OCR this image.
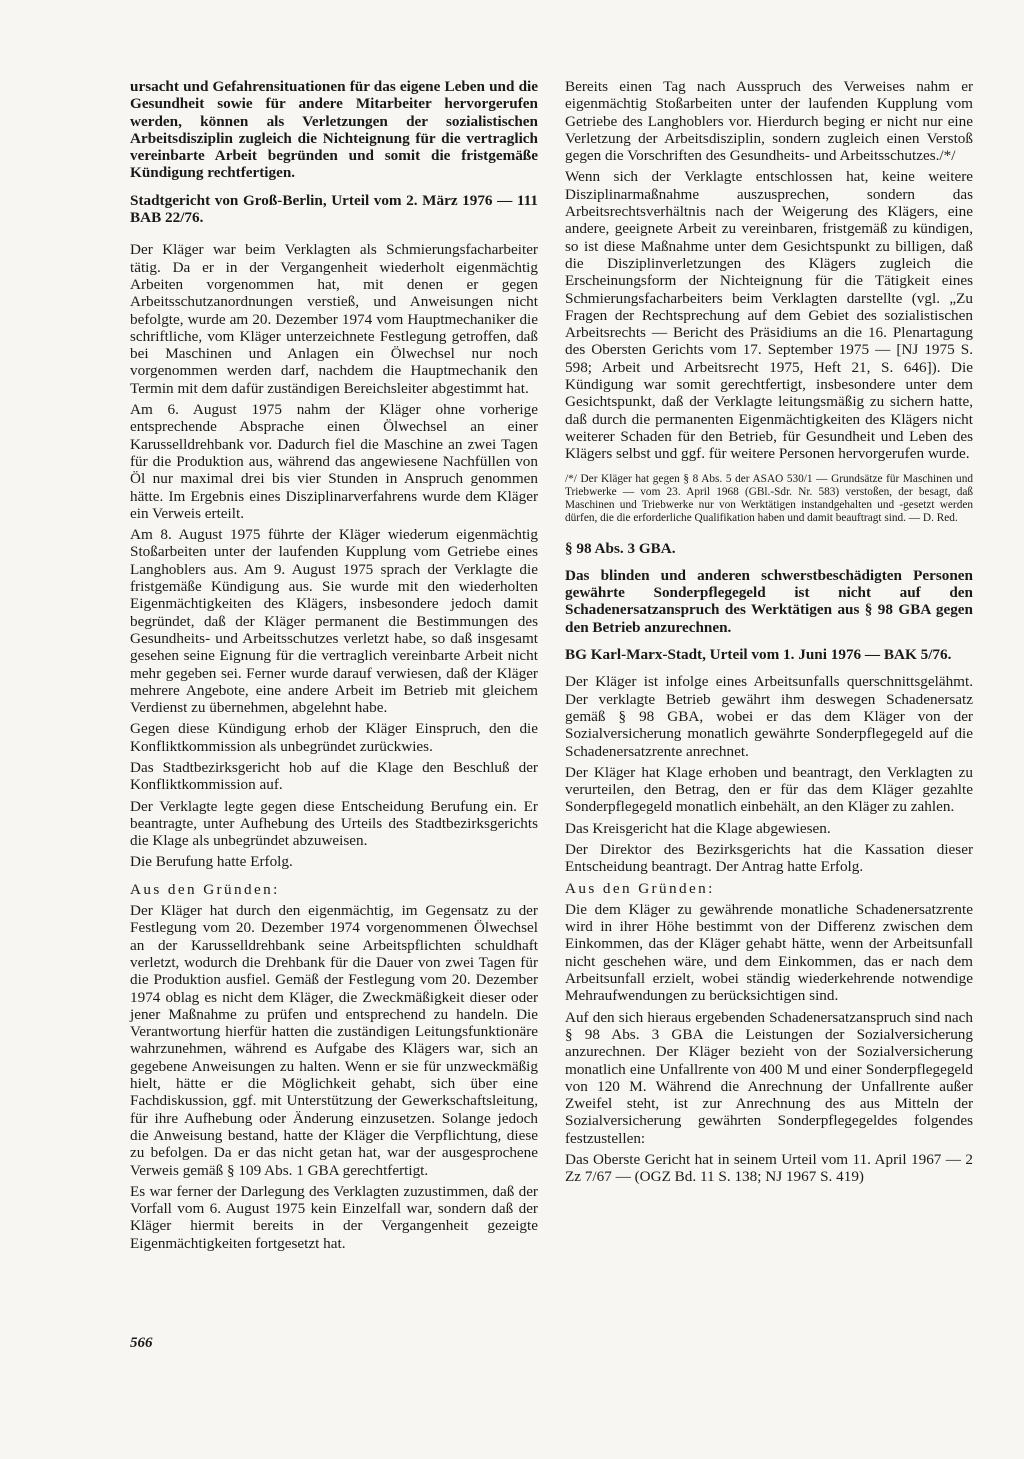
ursacht und Gefahrensituationen für das eigene Leben und die Gesundheit sowie für andere Mitarbeiter hervorgerufen werden, können als Verletzungen der sozialistischen Arbeitsdisziplin zugleich die Nichteignung für die vertraglich vereinbarte Arbeit begründen und somit die fristgemäße Kündigung rechtfertigen.

Stadtgericht von Groß-Berlin, Urteil vom 2. März 1976 — 111 BAB 22/76.

Der Kläger war beim Verklagten als Schmierungsfacharbeiter tätig. Da er in der Vergangenheit wiederholt eigenmächtig Arbeiten vorgenommen hat, mit denen er gegen Arbeitsschutzanordnungen verstieß, und Anweisungen nicht befolgte, wurde am 20. Dezember 1974 vom Hauptmechaniker die schriftliche, vom Kläger unterzeichnete Festlegung getroffen, daß bei Maschinen und Anlagen ein Ölwechsel nur noch vorgenommen werden darf, nachdem die Hauptmechanik den Termin mit dem dafür zuständigen Bereichsleiter abgestimmt hat.

Am 6. August 1975 nahm der Kläger ohne vorherige entsprechende Absprache einen Ölwechsel an einer Karusselldrehbank vor. Dadurch fiel die Maschine an zwei Tagen für die Produktion aus, während das angewiesene Nachfüllen von Öl nur maximal drei bis vier Stunden in Anspruch genommen hätte. Im Ergebnis eines Disziplinarverfahrens wurde dem Kläger ein Verweis erteilt.

Am 8. August 1975 führte der Kläger wiederum eigenmächtig Stoßarbeiten unter der laufenden Kupplung vom Getriebe eines Langhoblers aus. Am 9. August 1975 sprach der Verklagte die fristgemäße Kündigung aus. Sie wurde mit den wiederholten Eigenmächtigkeiten des Klägers, insbesondere jedoch damit begründet, daß der Kläger permanent die Bestimmungen des Gesundheits- und Arbeitsschutzes verletzt habe, so daß insgesamt gesehen seine Eignung für die vertraglich vereinbarte Arbeit nicht mehr gegeben sei. Ferner wurde darauf verwiesen, daß der Kläger mehrere Angebote, eine andere Arbeit im Betrieb mit gleichem Verdienst zu übernehmen, abgelehnt habe.

Gegen diese Kündigung erhob der Kläger Einspruch, den die Konfliktkommission als unbegründet zurückwies.

Das Stadtbezirksgericht hob auf die Klage den Beschluß der Konfliktkommission auf.

Der Verklagte legte gegen diese Entscheidung Berufung ein. Er beantragte, unter Aufhebung des Urteils des Stadtbezirksgerichts die Klage als unbegründet abzuweisen.

Die Berufung hatte Erfolg.

Aus den Gründen:

Der Kläger hat durch den eigenmächtig, im Gegensatz zu der Festlegung vom 20. Dezember 1974 vorgenommenen Ölwechsel an der Karusselldrehbank seine Arbeitspflichten schuldhaft verletzt, wodurch die Drehbank für die Dauer von zwei Tagen für die Produktion ausfiel. Gemäß der Festlegung vom 20. Dezember 1974 oblag es nicht dem Kläger, die Zweckmäßigkeit dieser oder jener Maßnahme zu prüfen und entsprechend zu handeln. Die Verantwortung hierfür hatten die zuständigen Leitungsfunktionäre wahrzunehmen, während es Aufgabe des Klägers war, sich an gegebene Anweisungen zu halten. Wenn er sie für unzweckmäßig hielt, hätte er die Möglichkeit gehabt, sich über eine Fachdiskussion, ggf. mit Unterstützung der Gewerkschaftsleitung, für ihre Aufhebung oder Änderung einzusetzen. Solange jedoch die Anweisung bestand, hatte der Kläger die Verpflichtung, diese zu befolgen. Da er das nicht getan hat, war der ausgesprochene Verweis gemäß § 109 Abs. 1 GBA gerechtfertigt.

Es war ferner der Darlegung des Verklagten zuzustimmen, daß der Vorfall vom 6. August 1975 kein Einzelfall war, sondern daß der Kläger hiermit bereits in der Vergangenheit gezeigte Eigenmächtigkeiten fortgesetzt hat.

Bereits einen Tag nach Ausspruch des Verweises nahm er eigenmächtig Stoßarbeiten unter der laufenden Kupplung vom Getriebe des Langhoblers vor. Hierdurch beging er nicht nur eine Verletzung der Arbeitsdisziplin, sondern zugleich einen Verstoß gegen die Vorschriften des Gesundheits- und Arbeitsschutzes./*/

Wenn sich der Verklagte entschlossen hat, keine weitere Disziplinarmaßnahme auszusprechen, sondern das Arbeitsrechtsverhältnis nach der Weigerung des Klägers, eine andere, geeignete Arbeit zu vereinbaren, fristgemäß zu kündigen, so ist diese Maßnahme unter dem Gesichtspunkt zu billigen, daß die Disziplinverletzungen des Klägers zugleich die Erscheinungsform der Nichteignung für die Tätigkeit eines Schmierungsfacharbeiters beim Verklagten darstellte (vgl. „Zu Fragen der Rechtsprechung auf dem Gebiet des sozialistischen Arbeitsrechts — Bericht des Präsidiums an die 16. Plenartagung des Obersten Gerichts vom 17. September 1975 — [NJ 1975 S. 598; Arbeit und Arbeitsrecht 1975, Heft 21, S. 646]). Die Kündigung war somit gerechtfertigt, insbesondere unter dem Gesichtspunkt, daß der Verklagte leitungsmäßig zu sichern hatte, daß durch die permanenten Eigenmächtigkeiten des Klägers nicht weiterer Schaden für den Betrieb, für Gesundheit und Leben des Klägers selbst und ggf. für weitere Personen hervorgerufen wurde.

/*/ Der Kläger hat gegen § 8 Abs. 5 der ASAO 530/1 — Grundsätze für Maschinen und Triebwerke — vom 23. April 1968 (GBl.-Sdr. Nr. 583) verstoßen, der besagt, daß Maschinen und Triebwerke nur von Werktätigen instandgehalten und -gesetzt werden dürfen, die die erforderliche Qualifikation haben und damit beauftragt sind. — D. Red.

§ 98 Abs. 3 GBA.

Das blinden und anderen schwerstbeschädigten Personen gewährte Sonderpflegegeld ist nicht auf den Schadenersatzanspruch des Werktätigen aus § 98 GBA gegen den Betrieb anzurechnen.

BG Karl-Marx-Stadt, Urteil vom 1. Juni 1976 — BAK 5/76.

Der Kläger ist infolge eines Arbeitsunfalls querschnittsgelähmt. Der verklagte Betrieb gewährt ihm deswegen Schadenersatz gemäß § 98 GBA, wobei er das dem Kläger von der Sozialversicherung monatlich gewährte Sonderpflegegeld auf die Schadenersatzrente anrechnet.

Der Kläger hat Klage erhoben und beantragt, den Verklagten zu verurteilen, den Betrag, den er für das dem Kläger gezahlte Sonderpflegegeld monatlich einbehält, an den Kläger zu zahlen.

Das Kreisgericht hat die Klage abgewiesen.

Der Direktor des Bezirksgerichts hat die Kassation dieser Entscheidung beantragt. Der Antrag hatte Erfolg.

Aus den Gründen:

Die dem Kläger zu gewährende monatliche Schadenersatzrente wird in ihrer Höhe bestimmt von der Differenz zwischen dem Einkommen, das der Kläger gehabt hätte, wenn der Arbeitsunfall nicht geschehen wäre, und dem Einkommen, das er nach dem Arbeitsunfall erzielt, wobei ständig wiederkehrende notwendige Mehraufwendungen zu berücksichtigen sind.

Auf den sich hieraus ergebenden Schadenersatzanspruch sind nach § 98 Abs. 3 GBA die Leistungen der Sozialversicherung anzurechnen. Der Kläger bezieht von der Sozialversicherung monatlich eine Unfallrente von 400 M und einer Sonderpflegegeld von 120 M. Während die Anrechnung der Unfallrente außer Zweifel steht, ist zur Anrechnung des aus Mitteln der Sozialversicherung gewährten Sonderpflegegeldes folgendes festzustellen:

Das Oberste Gericht hat in seinem Urteil vom 11. April 1967 — 2 Zz 7/67 — (OGZ Bd. 11 S. 138; NJ 1967 S. 419)

566
